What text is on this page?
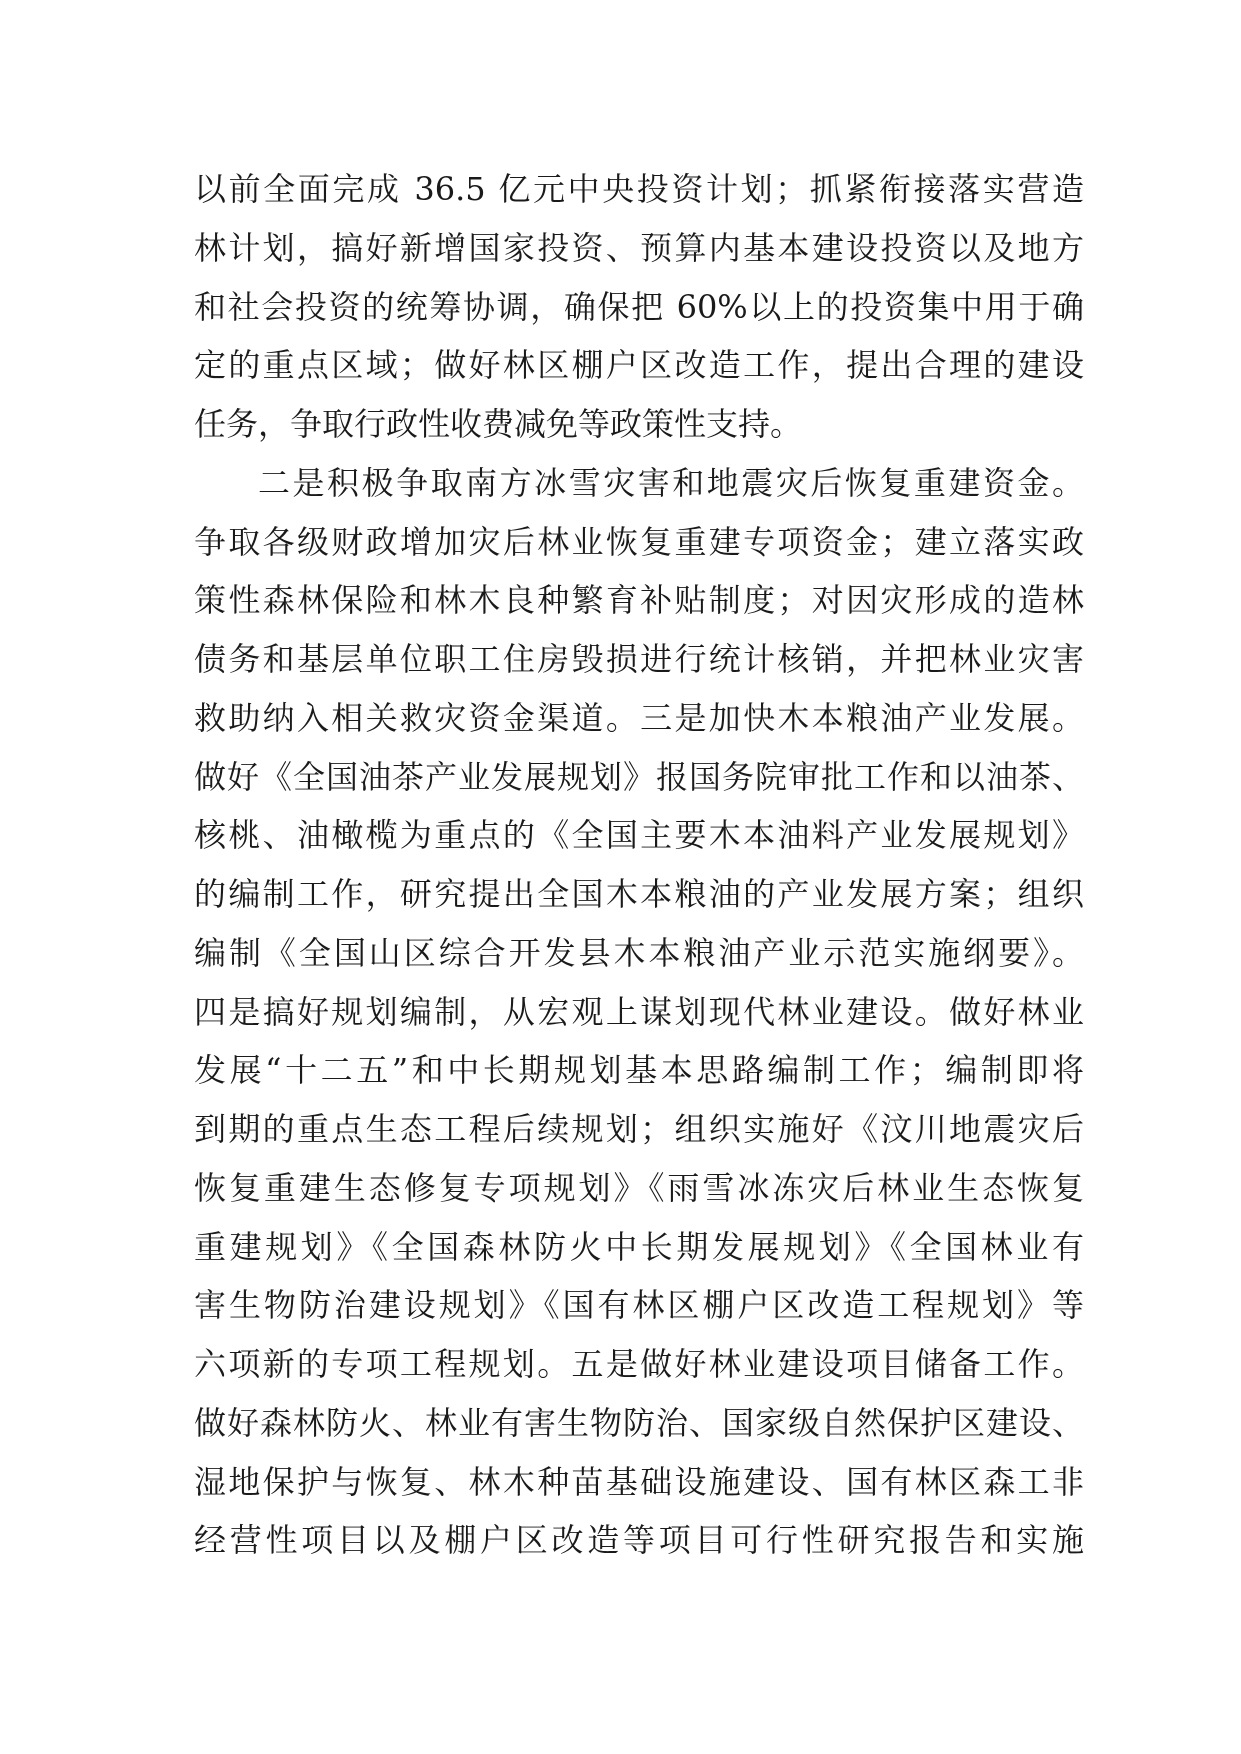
以前全面完成 36.5 亿元中央投资计划；抓紧衔接落实营造
林计划，搞好新增国家投资、预算内基本建设投资以及地方
和社会投资的统筹协调，确保把 60%以上的投资集中用于确
定的重点区域；做好林区棚户区改造工作，提出合理的建设
任务，争取行政性收费减免等政策性支持。
二是积极争取南方冰雪灾害和地震灾后恢复重建资金。
争取各级财政增加灾后林业恢复重建专项资金；建立落实政
策性森林保险和林木良种繁育补贴制度；对因灾形成的造林
债务和基层单位职工住房毁损进行统计核销，并把林业灾害
救助纳入相关救灾资金渠道。三是加快木本粮油产业发展。
做好《全国油茶产业发展规划》报国务院审批工作和以油茶、
核桃、油橄榄为重点的《全国主要木本油料产业发展规划》
的编制工作，研究提出全国木本粮油的产业发展方案；组织
编制《全国山区综合开发县木本粮油产业示范实施纲要》。
四是搞好规划编制，从宏观上谋划现代林业建设。做好林业
发展“十二五”和中长期规划基本思路编制工作；编制即将
到期的重点生态工程后续规划；组织实施好《汶川地震灾后
恢复重建生态修复专项规划》《雨雪冰冻灾后林业生态恢复
重建规划》《全国森林防火中长期发展规划》《全国林业有
害生物防治建设规划》《国有林区棚户区改造工程规划》等
六项新的专项工程规划。五是做好林业建设项目储备工作。
做好森林防火、林业有害生物防治、国家级自然保护区建设、
湿地保护与恢复、林木种苗基础设施建设、国有林区森工非
经营性项目以及棚户区改造等项目可行性研究报告和实施
